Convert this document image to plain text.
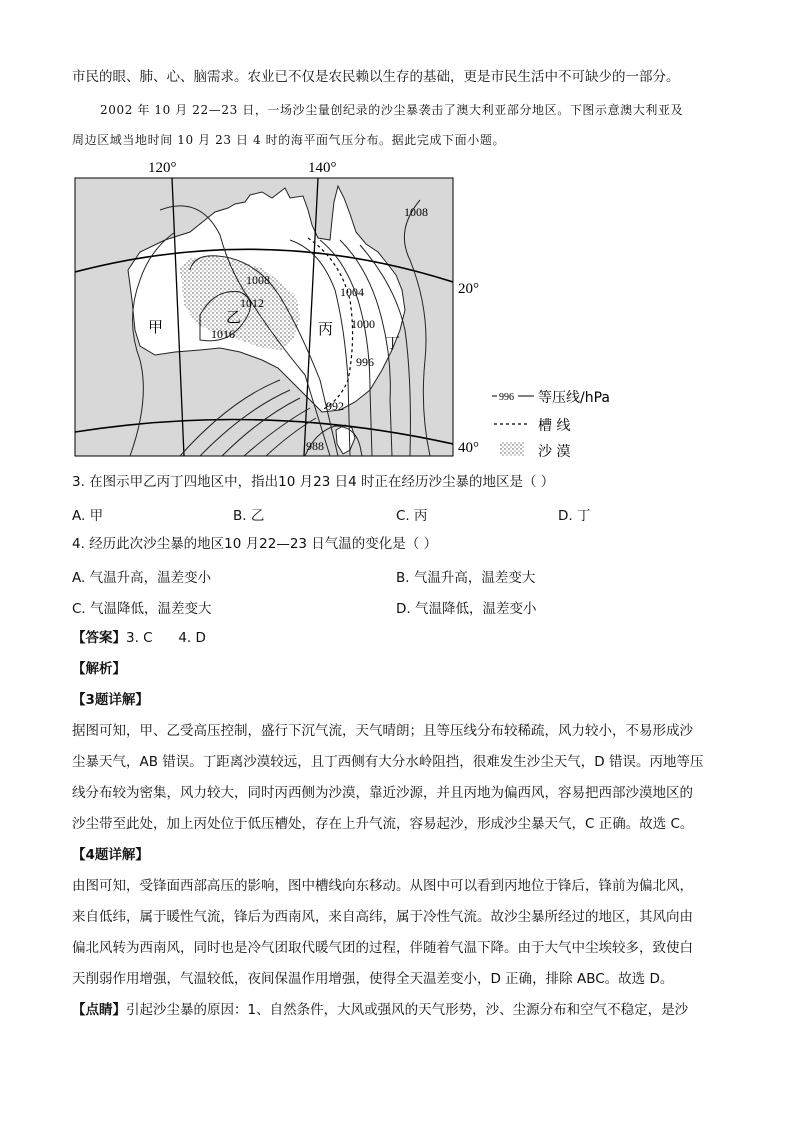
市民的眼、肺、心、脑需求。农业已不仅是农民赖以生存的基础，更是市民生活中不可缺少的一部分。
2002 年 10 月 22—23 日，一场沙尘量创纪录的沙尘暴袭击了澳大利亚部分地区。下图示意澳大利亚及
周边区域当地时间 10 月 23 日 4 时的海平面气压分布。据此完成下面小题。
1008
1012
1016
1004
1000
996
992
988
1008
甲
乙
丙
丁
120°	140°
20°
40°
996 等压线/hPa
槽 线
沙 漠
3. 在图示甲乙丙丁四地区中，指出10 月23 日4 时正在经历沙尘暴的地区是（ ）
A. 甲	B. 乙	C. 丙	D. 丁
4. 经历此次沙尘暴的地区10 月22—23 日气温的变化是（ ）
A. 气温升高，温差变小	B. 气温升高，温差变大
C. 气温降低，温差变大	D. 气温降低，温差变小
【答案】3. C      4. D
【解析】
【3题详解】
据图可知，甲、乙受高压控制，盛行下沉气流，天气晴朗；且等压线分布较稀疏，风力较小，不易形成沙
尘暴天气，AB 错误。丁距离沙漠较远，且丁西侧有大分水岭阻挡，很难发生沙尘天气，D 错误。丙地等压
线分布较为密集，风力较大，同时丙西侧为沙漠，靠近沙源，并且丙地为偏西风，容易把西部沙漠地区的
沙尘带至此处，加上丙处位于低压槽处，存在上升气流，容易起沙，形成沙尘暴天气，C 正确。故选 C。
【4题详解】
由图可知，受锋面西部高压的影响，图中槽线向东移动。从图中可以看到丙地位于锋后，锋前为偏北风，
来自低纬，属于暖性气流，锋后为西南风，来自高纬，属于冷性气流。故沙尘暴所经过的地区，其风向由
偏北风转为西南风，同时也是冷气团取代暖气团的过程，伴随着气温下降。由于大气中尘埃较多，致使白
天削弱作用增强，气温较低，夜间保温作用增强，使得全天温差变小，D 正确，排除 ABC。故选 D。
【点睛】引起沙尘暴的原因：1、自然条件，大风或强风的天气形势，沙、尘源分布和空气不稳定，是沙
